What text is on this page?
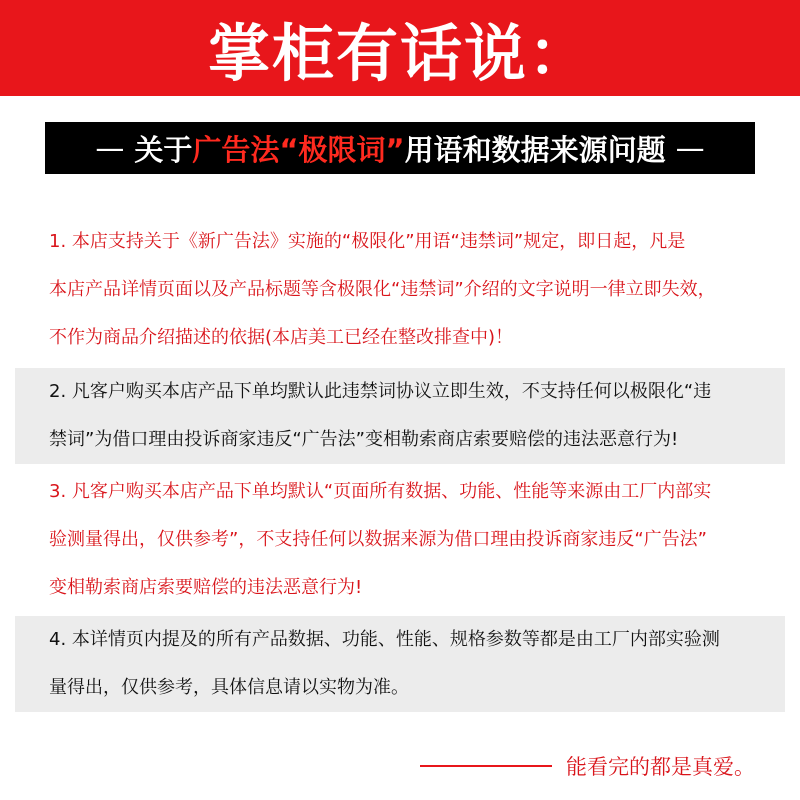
掌柜有话说：
— 关于 广告法 “极限词” 用语和数据来源问题 —

1. 本店支持关于《新广告法》实施的“极限化”用语“违禁词”规定，即日起，凡是

本店产品详情页面以及产品标题等含极限化“违禁词”介绍的文字说明一律立即失效，

不作为商品介绍描述的依据(本店美工已经在整改排查中)！

2. 凡客户购买本店产品下单均默认此违禁词协议立即生效，不支持任何以极限化“违

禁词”为借口理由投诉商家违反“广告法”变相勒索商店索要赔偿的违法恶意行为!

3. 凡客户购买本店产品下单均默认“页面所有数据、功能、性能等来源由工厂内部实

验测量得出，仅供参考”，不支持任何以数据来源为借口理由投诉商家违反“广告法”

变相勒索商店索要赔偿的违法恶意行为!

4. 本详情页内提及的所有产品数据、功能、性能、规格参数等都是由工厂内部实验测

量得出，仅供参考，具体信息请以实物为准。

能看完的都是真爱。
